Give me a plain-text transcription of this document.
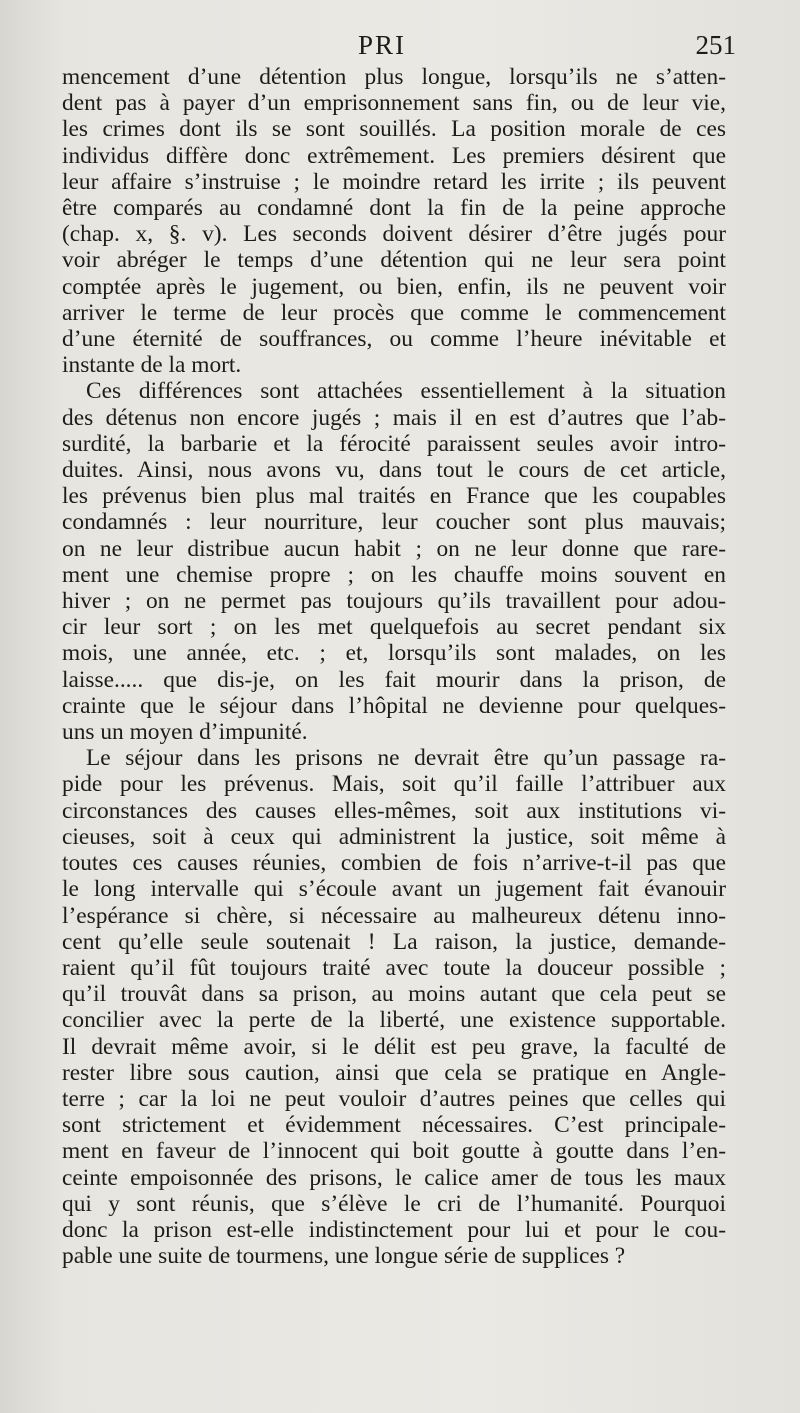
PRI	251

mencement d’une détention plus longue, lorsqu’ils ne s’atten-
dent pas à payer d’un emprisonnement sans fin, ou de leur vie,
les crimes dont ils se sont souillés. La position morale de ces
individus diffère donc extrêmement. Les premiers désirent que
leur affaire s’instruise ; le moindre retard les irrite ; ils peuvent
être comparés au condamné dont la fin de la peine approche
(chap. x, §. v). Les seconds doivent désirer d’être jugés pour
voir abréger le temps d’une détention qui ne leur sera point
comptée après le jugement, ou bien, enfin, ils ne peuvent voir
arriver le terme de leur procès que comme le commencement
d’une éternité de souffrances, ou comme l’heure inévitable et
instante de la mort.

Ces différences sont attachées essentiellement à la situation
des détenus non encore jugés ; mais il en est d’autres que l’ab-
surdité, la barbarie et la férocité paraissent seules avoir intro-
duites. Ainsi, nous avons vu, dans tout le cours de cet article,
les prévenus bien plus mal traités en France que les coupables
condamnés : leur nourriture, leur coucher sont plus mauvais;
on ne leur distribue aucun habit ; on ne leur donne que rare-
ment une chemise propre ; on les chauffe moins souvent en
hiver ; on ne permet pas toujours qu’ils travaillent pour adou-
cir leur sort ; on les met quelquefois au secret pendant six
mois, une année, etc. ; et, lorsqu’ils sont malades, on les
laisse..... que dis-je, on les fait mourir dans la prison, de
crainte que le séjour dans l’hôpital ne devienne pour quelques-
uns un moyen d’impunité.

Le séjour dans les prisons ne devrait être qu’un passage ra-
pide pour les prévenus. Mais, soit qu’il faille l’attribuer aux
circonstances des causes elles-mêmes, soit aux institutions vi-
cieuses, soit à ceux qui administrent la justice, soit même à
toutes ces causes réunies, combien de fois n’arrive-t-il pas que
le long intervalle qui s’écoule avant un jugement fait évanouir
l’espérance si chère, si nécessaire au malheureux détenu inno-
cent qu’elle seule soutenait ! La raison, la justice, demande-
raient qu’il fût toujours traité avec toute la douceur possible ;
qu’il trouvât dans sa prison, au moins autant que cela peut se
concilier avec la perte de la liberté, une existence supportable.
Il devrait même avoir, si le délit est peu grave, la faculté de
rester libre sous caution, ainsi que cela se pratique en Angle-
terre ; car la loi ne peut vouloir d’autres peines que celles qui
sont strictement et évidemment nécessaires. C’est principale-
ment en faveur de l’innocent qui boit goutte à goutte dans l’en-
ceinte empoisonnée des prisons, le calice amer de tous les maux
qui y sont réunis, que s’élève le cri de l’humanité. Pourquoi
donc la prison est-elle indistinctement pour lui et pour le cou-
pable une suite de tourmens, une longue série de supplices ?
